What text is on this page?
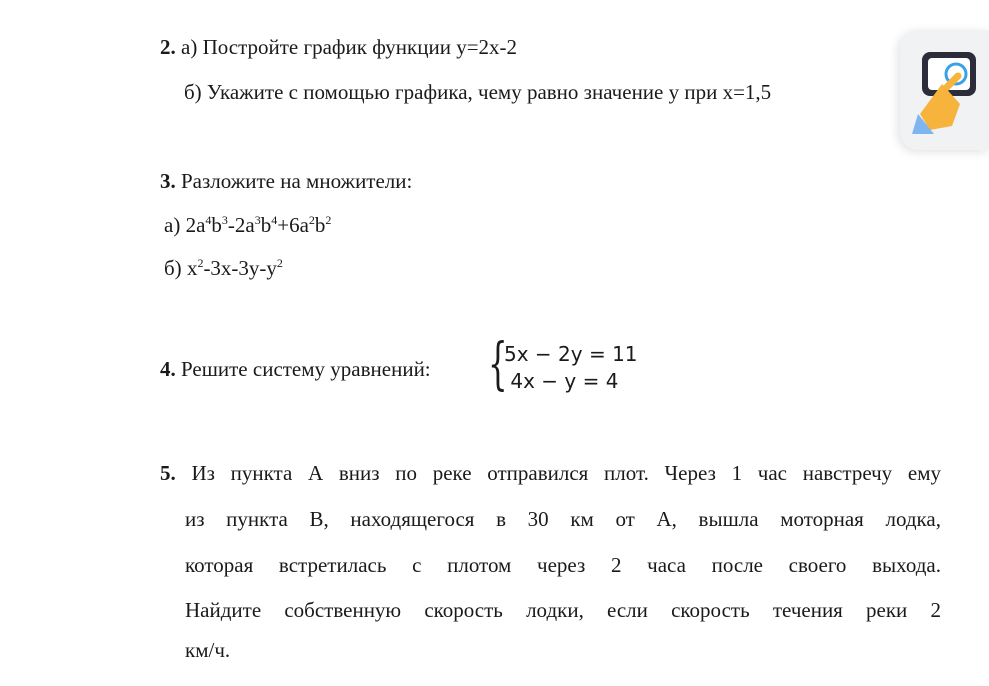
2. а) Постройте график функции y=2x-2
б) Укажите с помощью графика, чему равно значение y при x=1,5
3. Разложите на множители:
а) $2a^4b^3-2a^3b^4+6a^2b^2$
б) $x^2-3x-3y-y^2$
4. Решите систему уравнений: {
5x − 2y = 11
4x − y = 4
5. Из пункта А вниз по реке отправился плот. Через 1 час навстречу ему
из пункта В, находящегося в 30 км от А, вышла моторная лодка,
которая встретилась с плотом через 2 часа после своего выхода.
Найдите собственную скорость лодки, если скорость течения реки 2
км/ч.
